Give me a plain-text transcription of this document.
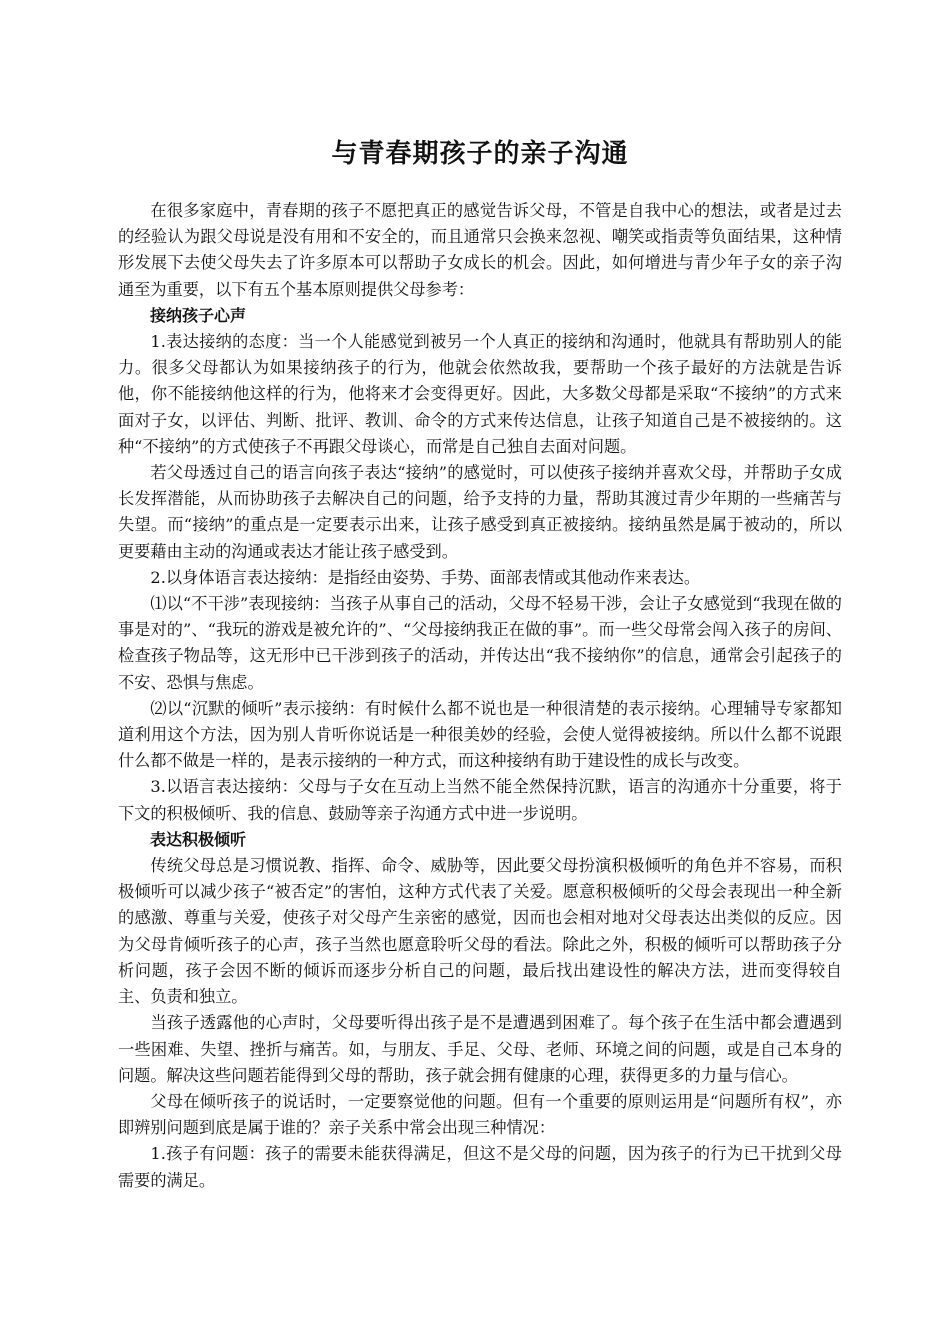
与青春期孩子的亲子沟通

在很多家庭中，青春期的孩子不愿把真正的感觉告诉父母，不管是自我中心的想法，或者是过去的经验认为跟父母说是没有用和不安全的，而且通常只会换来忽视、嘲笑或指责等负面结果，这种情形发展下去使父母失去了许多原本可以帮助子女成长的机会。因此，如何增进与青少年子女的亲子沟通至为重要，以下有五个基本原则提供父母参考：

接纳孩子心声

1.表达接纳的态度：当一个人能感觉到被另一个人真正的接纳和沟通时，他就具有帮助别人的能力。很多父母都认为如果接纳孩子的行为，他就会依然故我，要帮助一个孩子最好的方法就是告诉他，你不能接纳他这样的行为，他将来才会变得更好。因此，大多数父母都是采取“不接纳”的方式来面对子女，以评估、判断、批评、教训、命令的方式来传达信息，让孩子知道自己是不被接纳的。这种“不接纳”的方式使孩子不再跟父母谈心，而常是自己独自去面对问题。

若父母透过自己的语言向孩子表达“接纳”的感觉时，可以使孩子接纳并喜欢父母，并帮助子女成长发挥潜能，从而协助孩子去解决自己的问题，给予支持的力量，帮助其渡过青少年期的一些痛苦与失望。而“接纳”的重点是一定要表示出来，让孩子感受到真正被接纳。接纳虽然是属于被动的，所以更要藉由主动的沟通或表达才能让孩子感受到。

2.以身体语言表达接纳：是指经由姿势、手势、面部表情或其他动作来表达。

⑴以“不干涉”表现接纳：当孩子从事自己的活动，父母不轻易干涉，会让子女感觉到“我现在做的事是对的”、“我玩的游戏是被允许的”、“父母接纳我正在做的事”。而一些父母常会闯入孩子的房间、检查孩子物品等，这无形中已干涉到孩子的活动，并传达出“我不接纳你”的信息，通常会引起孩子的不安、恐惧与焦虑。

⑵以“沉默的倾听”表示接纳：有时候什么都不说也是一种很清楚的表示接纳。心理辅导专家都知道利用这个方法，因为别人肯听你说话是一种很美妙的经验，会使人觉得被接纳。所以什么都不说跟什么都不做是一样的，是表示接纳的一种方式，而这种接纳有助于建设性的成长与改变。

3.以语言表达接纳：父母与子女在互动上当然不能全然保持沉默，语言的沟通亦十分重要，将于下文的积极倾听、我的信息、鼓励等亲子沟通方式中进一步说明。

表达积极倾听

传统父母总是习惯说教、指挥、命令、威胁等，因此要父母扮演积极倾听的角色并不容易，而积极倾听可以减少孩子“被否定”的害怕，这种方式代表了关爱。愿意积极倾听的父母会表现出一种全新的感激、尊重与关爱，使孩子对父母产生亲密的感觉，因而也会相对地对父母表达出类似的反应。因为父母肯倾听孩子的心声，孩子当然也愿意聆听父母的看法。除此之外，积极的倾听可以帮助孩子分析问题，孩子会因不断的倾诉而逐步分析自己的问题，最后找出建设性的解决方法，进而变得较自主、负责和独立。

当孩子透露他的心声时，父母要听得出孩子是不是遭遇到困难了。每个孩子在生活中都会遭遇到一些困难、失望、挫折与痛苦。如，与朋友、手足、父母、老师、环境之间的问题，或是自己本身的问题。解决这些问题若能得到父母的帮助，孩子就会拥有健康的心理，获得更多的力量与信心。

父母在倾听孩子的说话时，一定要察觉他的问题。但有一个重要的原则运用是“问题所有权”，亦即辨别问题到底是属于谁的？亲子关系中常会出现三种情况：

1.孩子有问题：孩子的需要未能获得满足，但这不是父母的问题，因为孩子的行为已干扰到父母需要的满足。
